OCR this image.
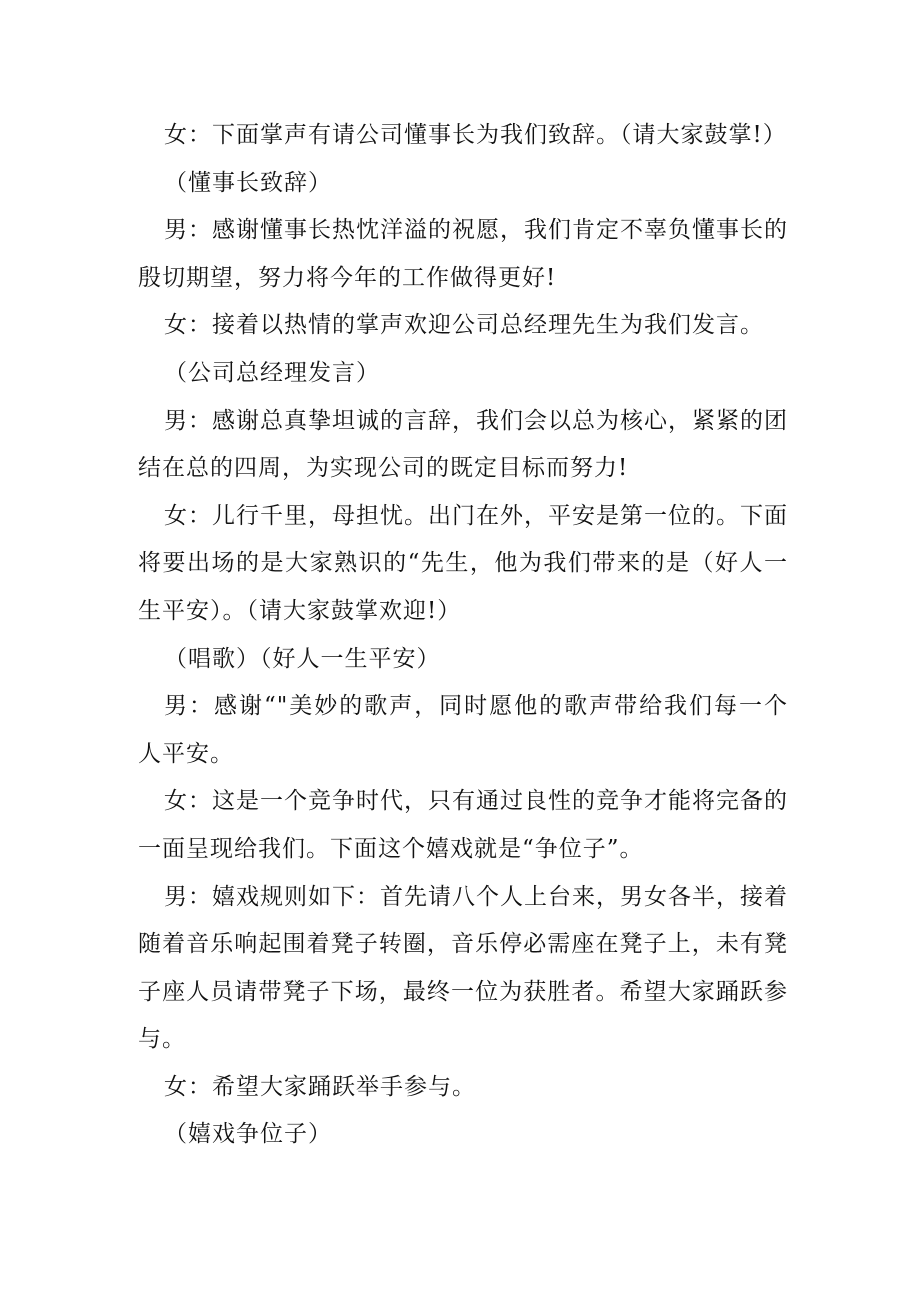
女：下面掌声有请公司懂事长为我们致辞。（请大家鼓掌!）

（懂事长致辞）

男：感谢懂事长热忱洋溢的祝愿，我们肯定不辜负懂事长的殷切期望，努力将今年的工作做得更好!

女：接着以热情的掌声欢迎公司总经理先生为我们发言。

（公司总经理发言）

男：感谢总真挚坦诚的言辞，我们会以总为核心，紧紧的团结在总的四周，为实现公司的既定目标而努力!

女：儿行千里，母担忧。出门在外，平安是第一位的。下面将要出场的是大家熟识的“先生，他为我们带来的是（好人一生平安）。（请大家鼓掌欢迎!）

（唱歌）（好人一生平安）

男：感谢“"美妙的歌声，同时愿他的歌声带给我们每一个人平安。

女：这是一个竞争时代，只有通过良性的竞争才能将完备的一面呈现给我们。下面这个嬉戏就是“争位子”。

男：嬉戏规则如下：首先请八个人上台来，男女各半，接着随着音乐响起围着凳子转圈，音乐停必需座在凳子上，未有凳子座人员请带凳子下场，最终一位为获胜者。希望大家踊跃参与。

女：希望大家踊跃举手参与。

（嬉戏争位子）
